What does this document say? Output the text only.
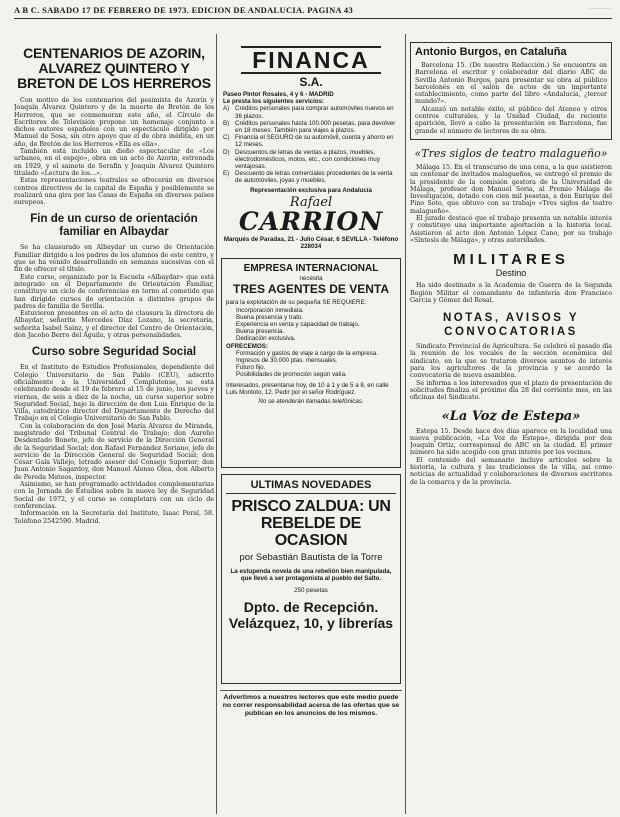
A B C. SABADO 17 DE FEBRERO DE 1973. EDICION DE ANDALUCIA. PAGINA 43	·········
CENTENARIOS DE AZORIN, ALVAREZ QUINTERO Y BRETON DE LOS HERREROS

Con motivo de los centenarios del pesimista de Azorín y Joaquín Álvarez Quintero y de la muerte de Bretón de los Herreros, que se conmemoran este año, el Círculo de Escritores de Televisión propone un homenaje conjunto a dichos autores españoles con un espectáculo dirigido por Manuel de Sosa, sin otro apoyo que el de obra inédita, en un año, de Bretón de los Herreros «Ella es ella».

También está incluido un dieño espectacular de «Los urbanos, en el espejo», obra en un acto de Azorín, estrenada en 1929, y el sainete de Serafín y Joaquín Álvarez Quintero titulado «Lectura de los...».

Estas representaciones teatrales se ofrecerán en diversos centros directivos de la capital de España y posiblemente se realizará una gira por las Casas de España en diversos países europeos.

Fin de un curso de orientación familiar en Albaydar

Se ha clausurado en Albaydar un curso de Orientación Familiar dirigido a los padres de los alumnos de este centro, y que se ha venido desarrollando en semanas sucesivas con el fin de ofrecer el título.

Este curso, organizado por la Escuela «Albaydar» que está integrado en el Departamento de Orientación Familiar, constituye un ciclo de conferencias en torno al cometido que han dirigido cursos de orientación a distintos grupos de padres de familia de Sevilla.

Estuvieron presentes en el acto de clausura la directora de Albaydar, señorita Mercedes Díaz Lozano, la secretaria, señorita Isabel Sainz, y el director del Centro de Orientación, don Jacobo Berro del Águila, y otras personalidades.

Curso sobre Seguridad Social

En el Instituto de Estudios Profesionales, dependiente del Colegio Universitario de San Pablo (CEU), adscrito oficialmente a la Universidad Complutense, se está celebrando desde el 19 de febrero al 15 de junio, los jueves y viernes, de seis a diez de la noche, un curso superior sobre Seguridad Social, bajo la dirección de don Luis Enrique de la Villa, catedrático director del Departamento de Derecho del Trabajo en el Colegio Universitario de San Pablo.

Con la colaboración de don José María Álvarez de Miranda, magistrado del Tribunal Central de Trabajo; don Aurelio Desdentado Bonete, jefe de servicio de la Dirección General de la Seguridad Social; don Rafael Fernández Soriano, jefe de servicio de la Dirección General de Seguridad Social; don César Gala Vallejo, letrado asesor del Consejo Superior; don Juan Antonio Sagardoy, don Manuel Alonso Olea, don Alberto de Pereda Mateos, inspector.

Asimismo, se han programado actividades complementarias con la Jornada de Estudios sobre la nueva ley de Seguridad Social de 1972, y el curso se completará con un ciclo de conferencias.

Información en la Secretaría del Instituto, Isaac Peral, 58. Teléfono 2542590. Madrid.

FINANCA
S.A.
Paseo Pintor Rosales, 4 y 6 - MADRID
Le presta los siguientes servicios:
A) Créditos personales para comprar automóviles nuevos en 36 plazos.
B) Créditos personales hasta 100.000 pesetas, para devolver en 18 meses. También para viajes a plazos.
C) Financia el SEGURO de su automóvil, cuenta y ahorro en 12 meses.
D) Descuentos de letras de ventas a plazos, muebles, electrodomésticos, motos, etc., con condiciones muy ventajosas.
E) Descuento de letras comerciales procedentes de la venta de automóviles, joyas y muebles.
Representación exclusiva para Andalucía
Rafael
CARRION
Marqués de Paradas, 21 - Julio César, 6 SEVILLA - Teléfono 228034
EMPRESA INTERNACIONAL
necesita
TRES AGENTES DE VENTA
para la explotación de su pequeña SE REQUIERE:
Incorporación inmediata.
Buena presencia y trato.
Experiencia en venta y capacidad de trabajo.
Buena presencia.
Dedicación exclusiva.
OFRECEMOS:
Formación y gastos de viaje a cargo de la empresa.
Ingresos de 30.000 ptas. mensuales.
Futuro fijo.
Posibilidades de promoción según valía.
Interesados, presentarse hoy, de 10 a 1 y de 5 a 8, en calle Luis Montoto, 12. Pedir por el señor Rodríguez.
No se atenderán llamadas telefónicas.
ULTIMAS NOVEDADES
PRISCO ZALDUA: UN REBELDE DE OCASION
por Sebastián Bautista de la Torre
La estupenda novela de una rebelión bien manipulada, que llevó a ser protagonista al pueblo del Salto.
250 pesetas
Dpto. de Recepción. Velázquez, 10, y librerías
Advertimos a nuestros lectores que este medio puede no correr responsabilidad acerca de las ofertas que se publican en los anuncios de los mismos.
Antonio Burgos, en Cataluña

Barcelona 15. (De nuestra Redacción.) Se encuentra en Barcelona el escritor y colaborador del diario ABC de Sevilla Antonio Burgos, para presentar su obra al público barcelonés en el salón de actos de un importante establecimiento, como parte del libro «Andalucía, ¿tercer mundo?».

Alcanzó un notable éxito, el público del Ateneo y otros centros culturales, y la Unidad Ciudad, de reciente aparición, llevó a cabo la presentación en Barcelona, fue grande el número de lectores de su obra.

«Tres siglos de teatro malagueño»

Málaga 15. En el transcurso de una cena, a la que asistieron un centenar de invitados malagueños, se entregó el premio de la presidente de la comisión gestora de la Universidad de Málaga, profesor don Manuel Soria, al Premio Málaga de Investigación, dotado con cien mil pesetas, a don Enrique del Pino Soto, que obtuvo con su trabajo «Tres siglos de teatro malagueño».

El jurado destacó que el trabajo presenta un notable interés y constituye una importante aportación a la historia local. Asistieron al acto don Antonio López Cano, por su trabajo «Síntesis de Málaga», y otras autoridades.

MILITARES
Destino

Ha sido destinado a la Academia de Guerra de la Segunda Región Militar el comandante de infantería don Francisco Garcia y Gómez del Rosal.

NOTAS, AVISOS Y CONVOCATORIAS

Sindicato Provincial de Agricultura. Se celebró el pasado día la reunión de los vocales de la sección económica del sindicato, en la que se trataron diversos asuntos de interés para los agricultores de la provincia y se acordó la convocatoria de nueva asamblea.

Se informa a los interesados que el plazo de presentación de solicitudes finaliza el próximo día 28 del corriente mes, en las oficinas del Sindicato.

«La Voz de Estepa»

Estepa 15. Desde hace dos días aparece en la localidad una nueva publicación, «La Voz de Estepa», dirigida por don Joaquín Ortiz, corresponsal de ABC en la ciudad. El primer número ha sido acogido con gran interés por los vecinos.

El contenido del semanario incluye artículos sobre la historia, la cultura y las tradiciones de la villa, así como noticias de actualidad y colaboraciones de diversos escritores de la comarca y de la provincia.
